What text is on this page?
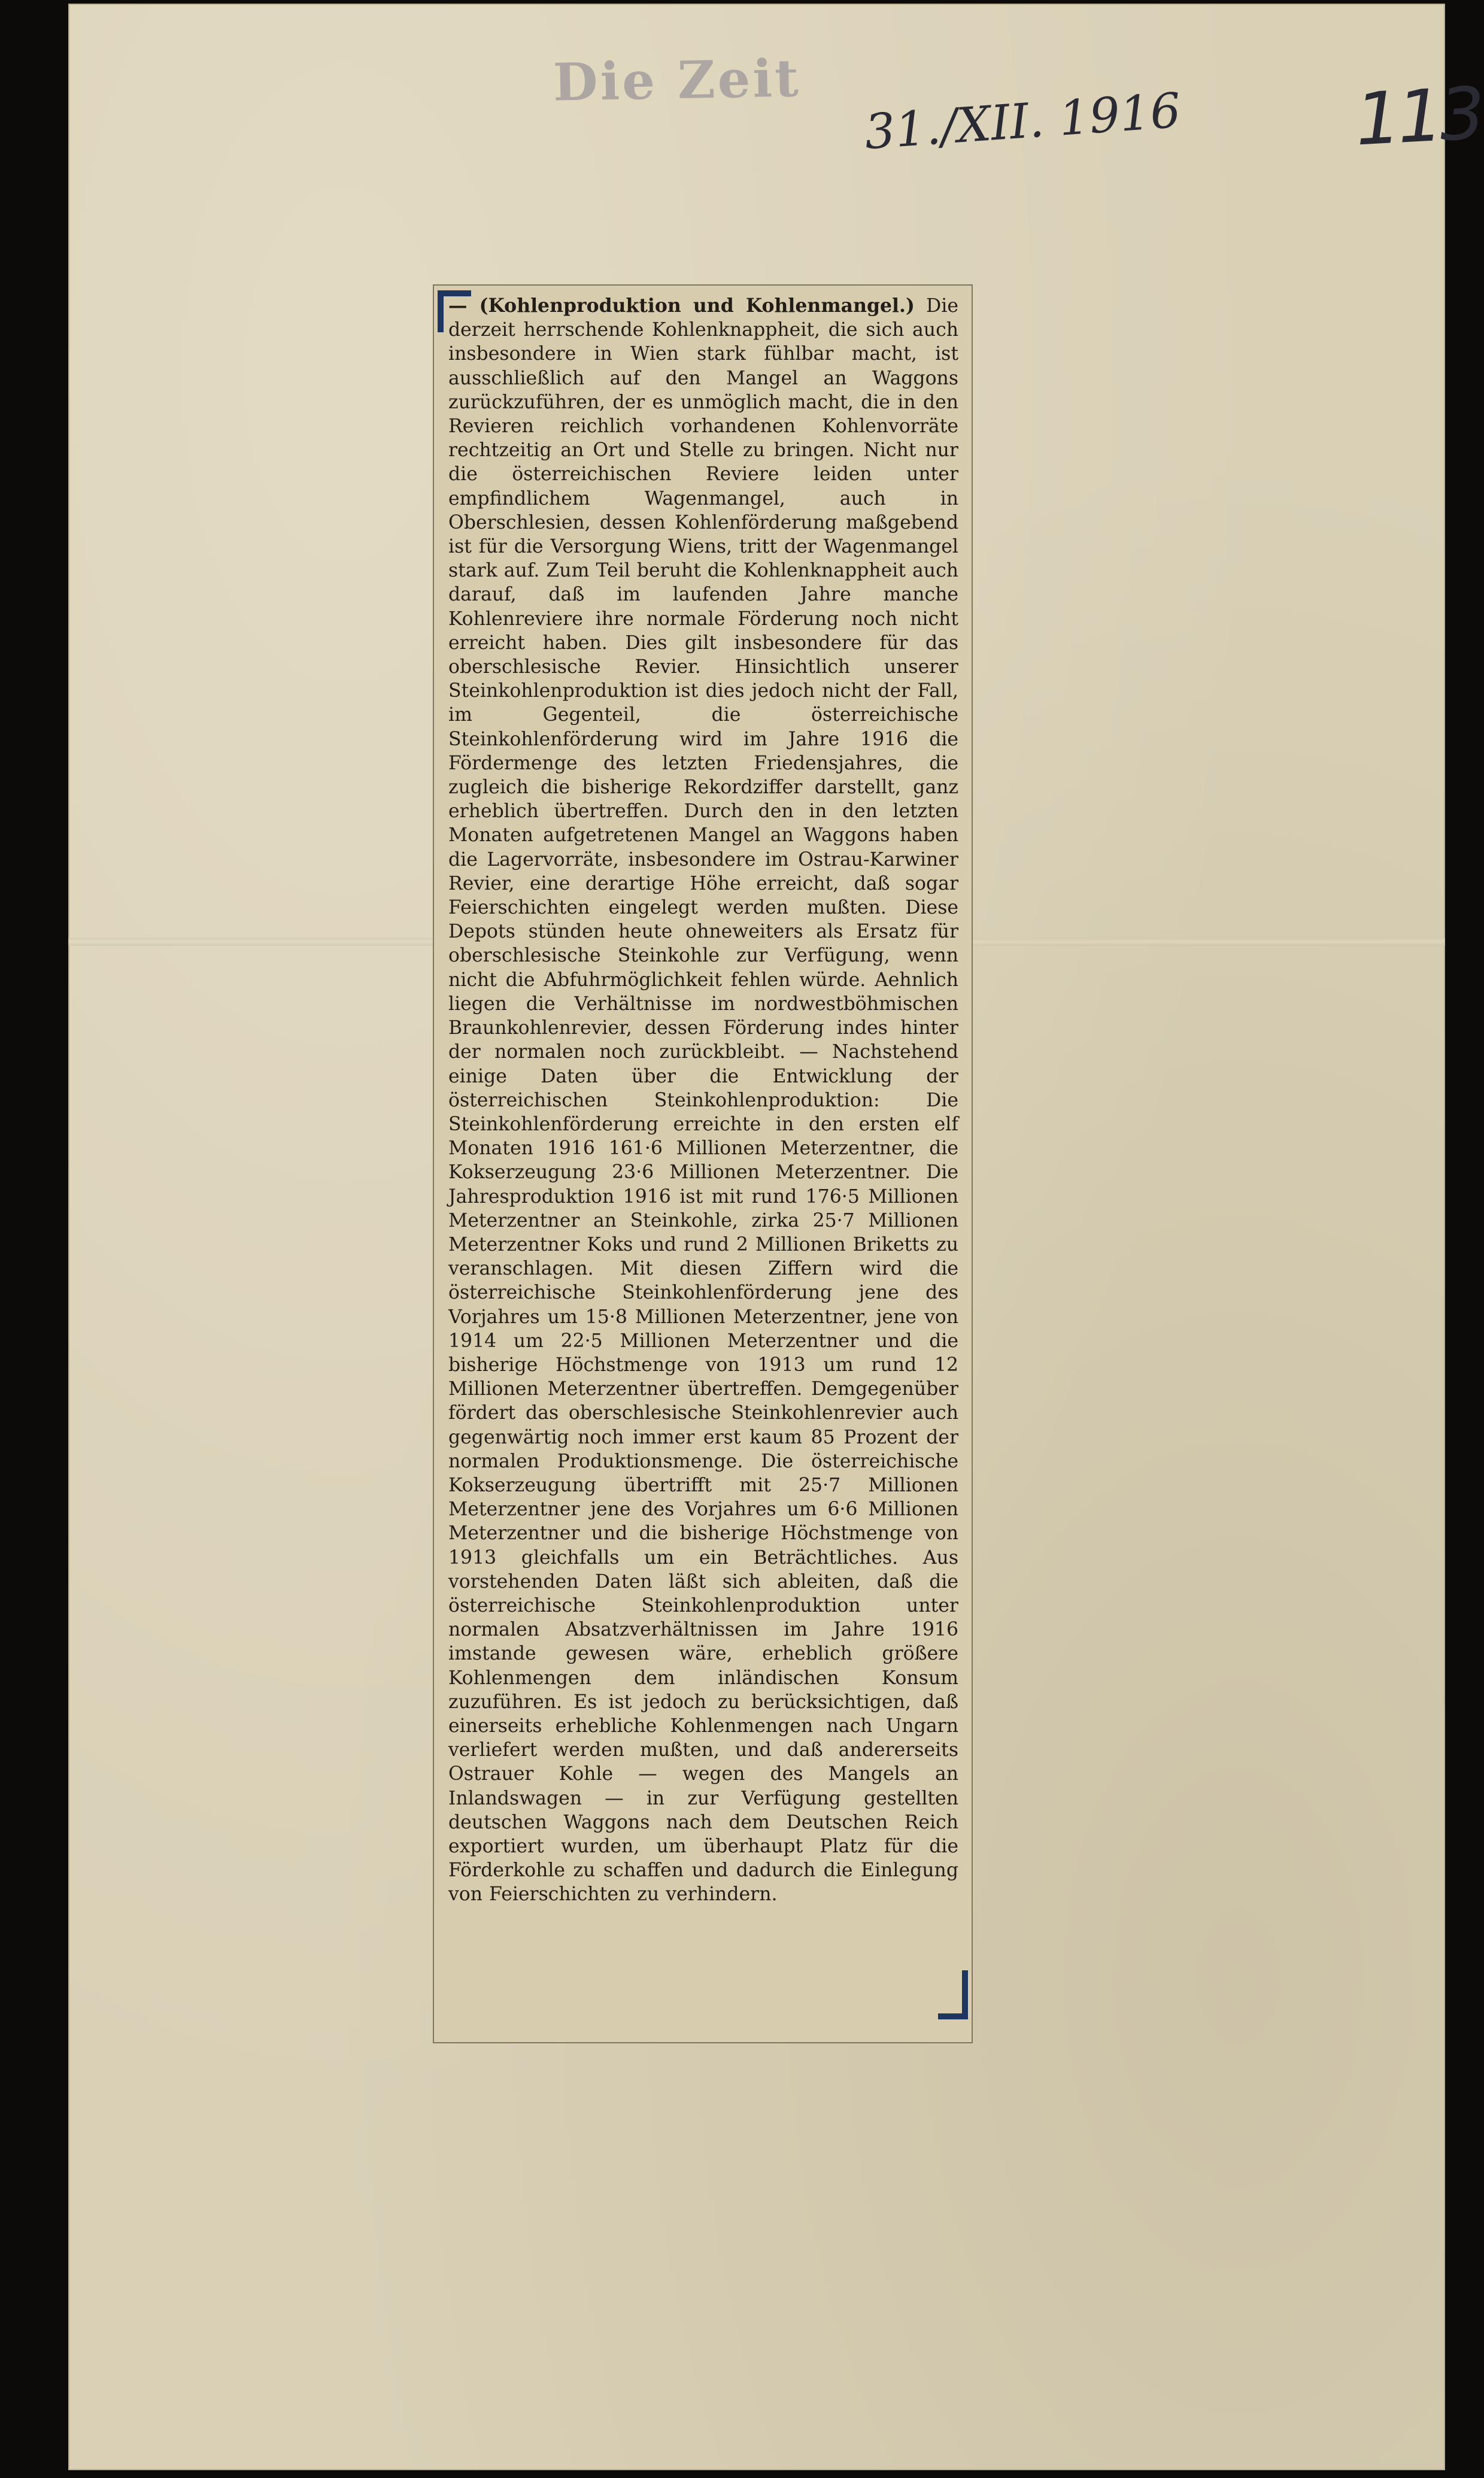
Die Zeit
31./XII. 1916 113

— (Kohlenproduktion und Kohlenmangel.) Die derzeit herrschende Kohlenknappheit, die sich auch insbesondere in Wien stark fühlbar macht, ist ausschließlich auf den Mangel an Waggons zurückzuführen, der es unmöglich macht, die in den Revieren reichlich vorhandenen Kohlenvorräte rechtzeitig an Ort und Stelle zu bringen. Nicht nur die österreichischen Reviere leiden unter empfindlichem Wagenmangel, auch in Oberschlesien, dessen Kohlenförderung maßgebend ist für die Versorgung Wiens, tritt der Wagenmangel stark auf. Zum Teil beruht die Kohlenknappheit auch darauf, daß im laufenden Jahre manche Kohlenreviere ihre normale Förderung noch nicht erreicht haben. Dies gilt insbesondere für das oberschlesische Revier. Hinsichtlich unserer Steinkohlenproduktion ist dies jedoch nicht der Fall, im Gegenteil, die österreichische Steinkohlenförderung wird im Jahre 1916 die Fördermenge des letzten Friedensjahres, die zugleich die bisherige Rekordziffer darstellt, ganz erheblich übertreffen. Durch den in den letzten Monaten aufgetretenen Mangel an Waggons haben die Lagervorräte, insbesondere im Ostrau-Karwiner Revier, eine derartige Höhe erreicht, daß sogar Feierschichten eingelegt werden mußten. Diese Depots stünden heute ohneweiters als Ersatz für oberschlesische Steinkohle zur Verfügung, wenn nicht die Abfuhrmöglichkeit fehlen würde. Aehnlich liegen die Verhältnisse im nordwestböhmischen Braunkohlenrevier, dessen Förderung indes hinter der normalen noch zurückbleibt. — Nachstehend einige Daten über die Entwicklung der österreichischen Steinkohlenproduktion: Die Steinkohlenförderung erreichte in den ersten elf Monaten 1916 161·6 Millionen Meterzentner, die Kokserzeugung 23·6 Millionen Meterzentner. Die Jahresproduktion 1916 ist mit rund 176·5 Millionen Meterzentner an Steinkohle, zirka 25·7 Millionen Meterzentner Koks und rund 2 Millionen Briketts zu veranschlagen. Mit diesen Ziffern wird die österreichische Steinkohlenförderung jene des Vorjahres um 15·8 Millionen Meterzentner, jene von 1914 um 22·5 Millionen Meterzentner und die bisherige Höchstmenge von 1913 um rund 12 Millionen Meterzentner übertreffen. Demgegenüber fördert das oberschlesische Steinkohlenrevier auch gegenwärtig noch immer erst kaum 85 Prozent der normalen Produktionsmenge. Die österreichische Kokserzeugung übertrifft mit 25·7 Millionen Meterzentner jene des Vorjahres um 6·6 Millionen Meterzentner und die bisherige Höchstmenge von 1913 gleichfalls um ein Beträchtliches. Aus vorstehenden Daten läßt sich ableiten, daß die österreichische Steinkohlenproduktion unter normalen Absatzverhältnissen im Jahre 1916 imstande gewesen wäre, erheblich größere Kohlenmengen dem inländischen Konsum zuzuführen. Es ist jedoch zu berücksichtigen, daß einerseits erhebliche Kohlenmengen nach Ungarn verliefert werden mußten, und daß andererseits Ostrauer Kohle — wegen des Mangels an Inlandswagen — in zur Verfügung gestellten deutschen Waggons nach dem Deutschen Reich exportiert wurden, um überhaupt Platz für die Förderkohle zu schaffen und dadurch die Einlegung von Feierschichten zu verhindern.
